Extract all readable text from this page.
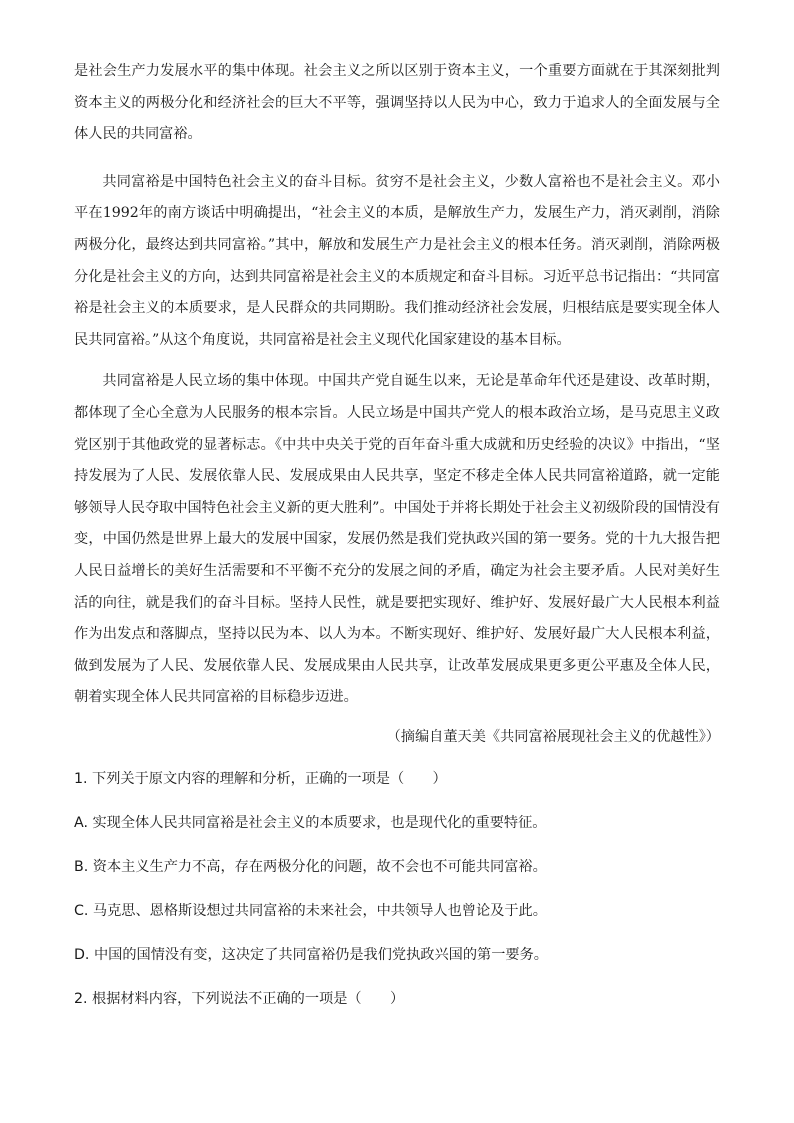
是社会生产力发展水平的集中体现。社会主义之所以区别于资本主义，一个重要方面就在于其深刻批判资本主义的两极分化和经济社会的巨大不平等，强调坚持以人民为中心，致力于追求人的全面发展与全体人民的共同富裕。

共同富裕是中国特色社会主义的奋斗目标。贫穷不是社会主义，少数人富裕也不是社会主义。邓小平在1992年的南方谈话中明确提出，“社会主义的本质，是解放生产力，发展生产力，消灭剥削，消除两极分化，最终达到共同富裕。”其中，解放和发展生产力是社会主义的根本任务。消灭剥削，消除两极分化是社会主义的方向，达到共同富裕是社会主义的本质规定和奋斗目标。习近平总书记指出：“共同富裕是社会主义的本质要求，是人民群众的共同期盼。我们推动经济社会发展，归根结底是要实现全体人民共同富裕。”从这个角度说，共同富裕是社会主义现代化国家建设的基本目标。

共同富裕是人民立场的集中体现。中国共产党自诞生以来，无论是革命年代还是建设、改革时期，都体现了全心全意为人民服务的根本宗旨。人民立场是中国共产党人的根本政治立场，是马克思主义政党区别于其他政党的显著标志。《中共中央关于党的百年奋斗重大成就和历史经验的决议》中指出，“坚持发展为了人民、发展依靠人民、发展成果由人民共享，坚定不移走全体人民共同富裕道路，就一定能够领导人民夺取中国特色社会主义新的更大胜利”。中国处于并将长期处于社会主义初级阶段的国情没有变，中国仍然是世界上最大的发展中国家，发展仍然是我们党执政兴国的第一要务。党的十九大报告把人民日益增长的美好生活需要和不平衡不充分的发展之间的矛盾，确定为社会主要矛盾。人民对美好生活的向往，就是我们的奋斗目标。坚持人民性，就是要把实现好、维护好、发展好最广大人民根本利益作为出发点和落脚点，坚持以民为本、以人为本。不断实现好、维护好、发展好最广大人民根本利益，做到发展为了人民、发展依靠人民、发展成果由人民共享，让改革发展成果更多更公平惠及全体人民，朝着实现全体人民共同富裕的目标稳步迈进。

（摘编自董天美《共同富裕展现社会主义的优越性》）
1. 下列关于原文内容的理解和分析，正确的一项是（　　）
A. 实现全体人民共同富裕是社会主义的本质要求，也是现代化的重要特征。
B. 资本主义生产力不高，存在两极分化的问题，故不会也不可能共同富裕。
C. 马克思、恩格斯设想过共同富裕的未来社会，中共领导人也曾论及于此。
D. 中国的国情没有变，这决定了共同富裕仍是我们党执政兴国的第一要务。
2. 根据材料内容，下列说法不正确的一项是（　　）
